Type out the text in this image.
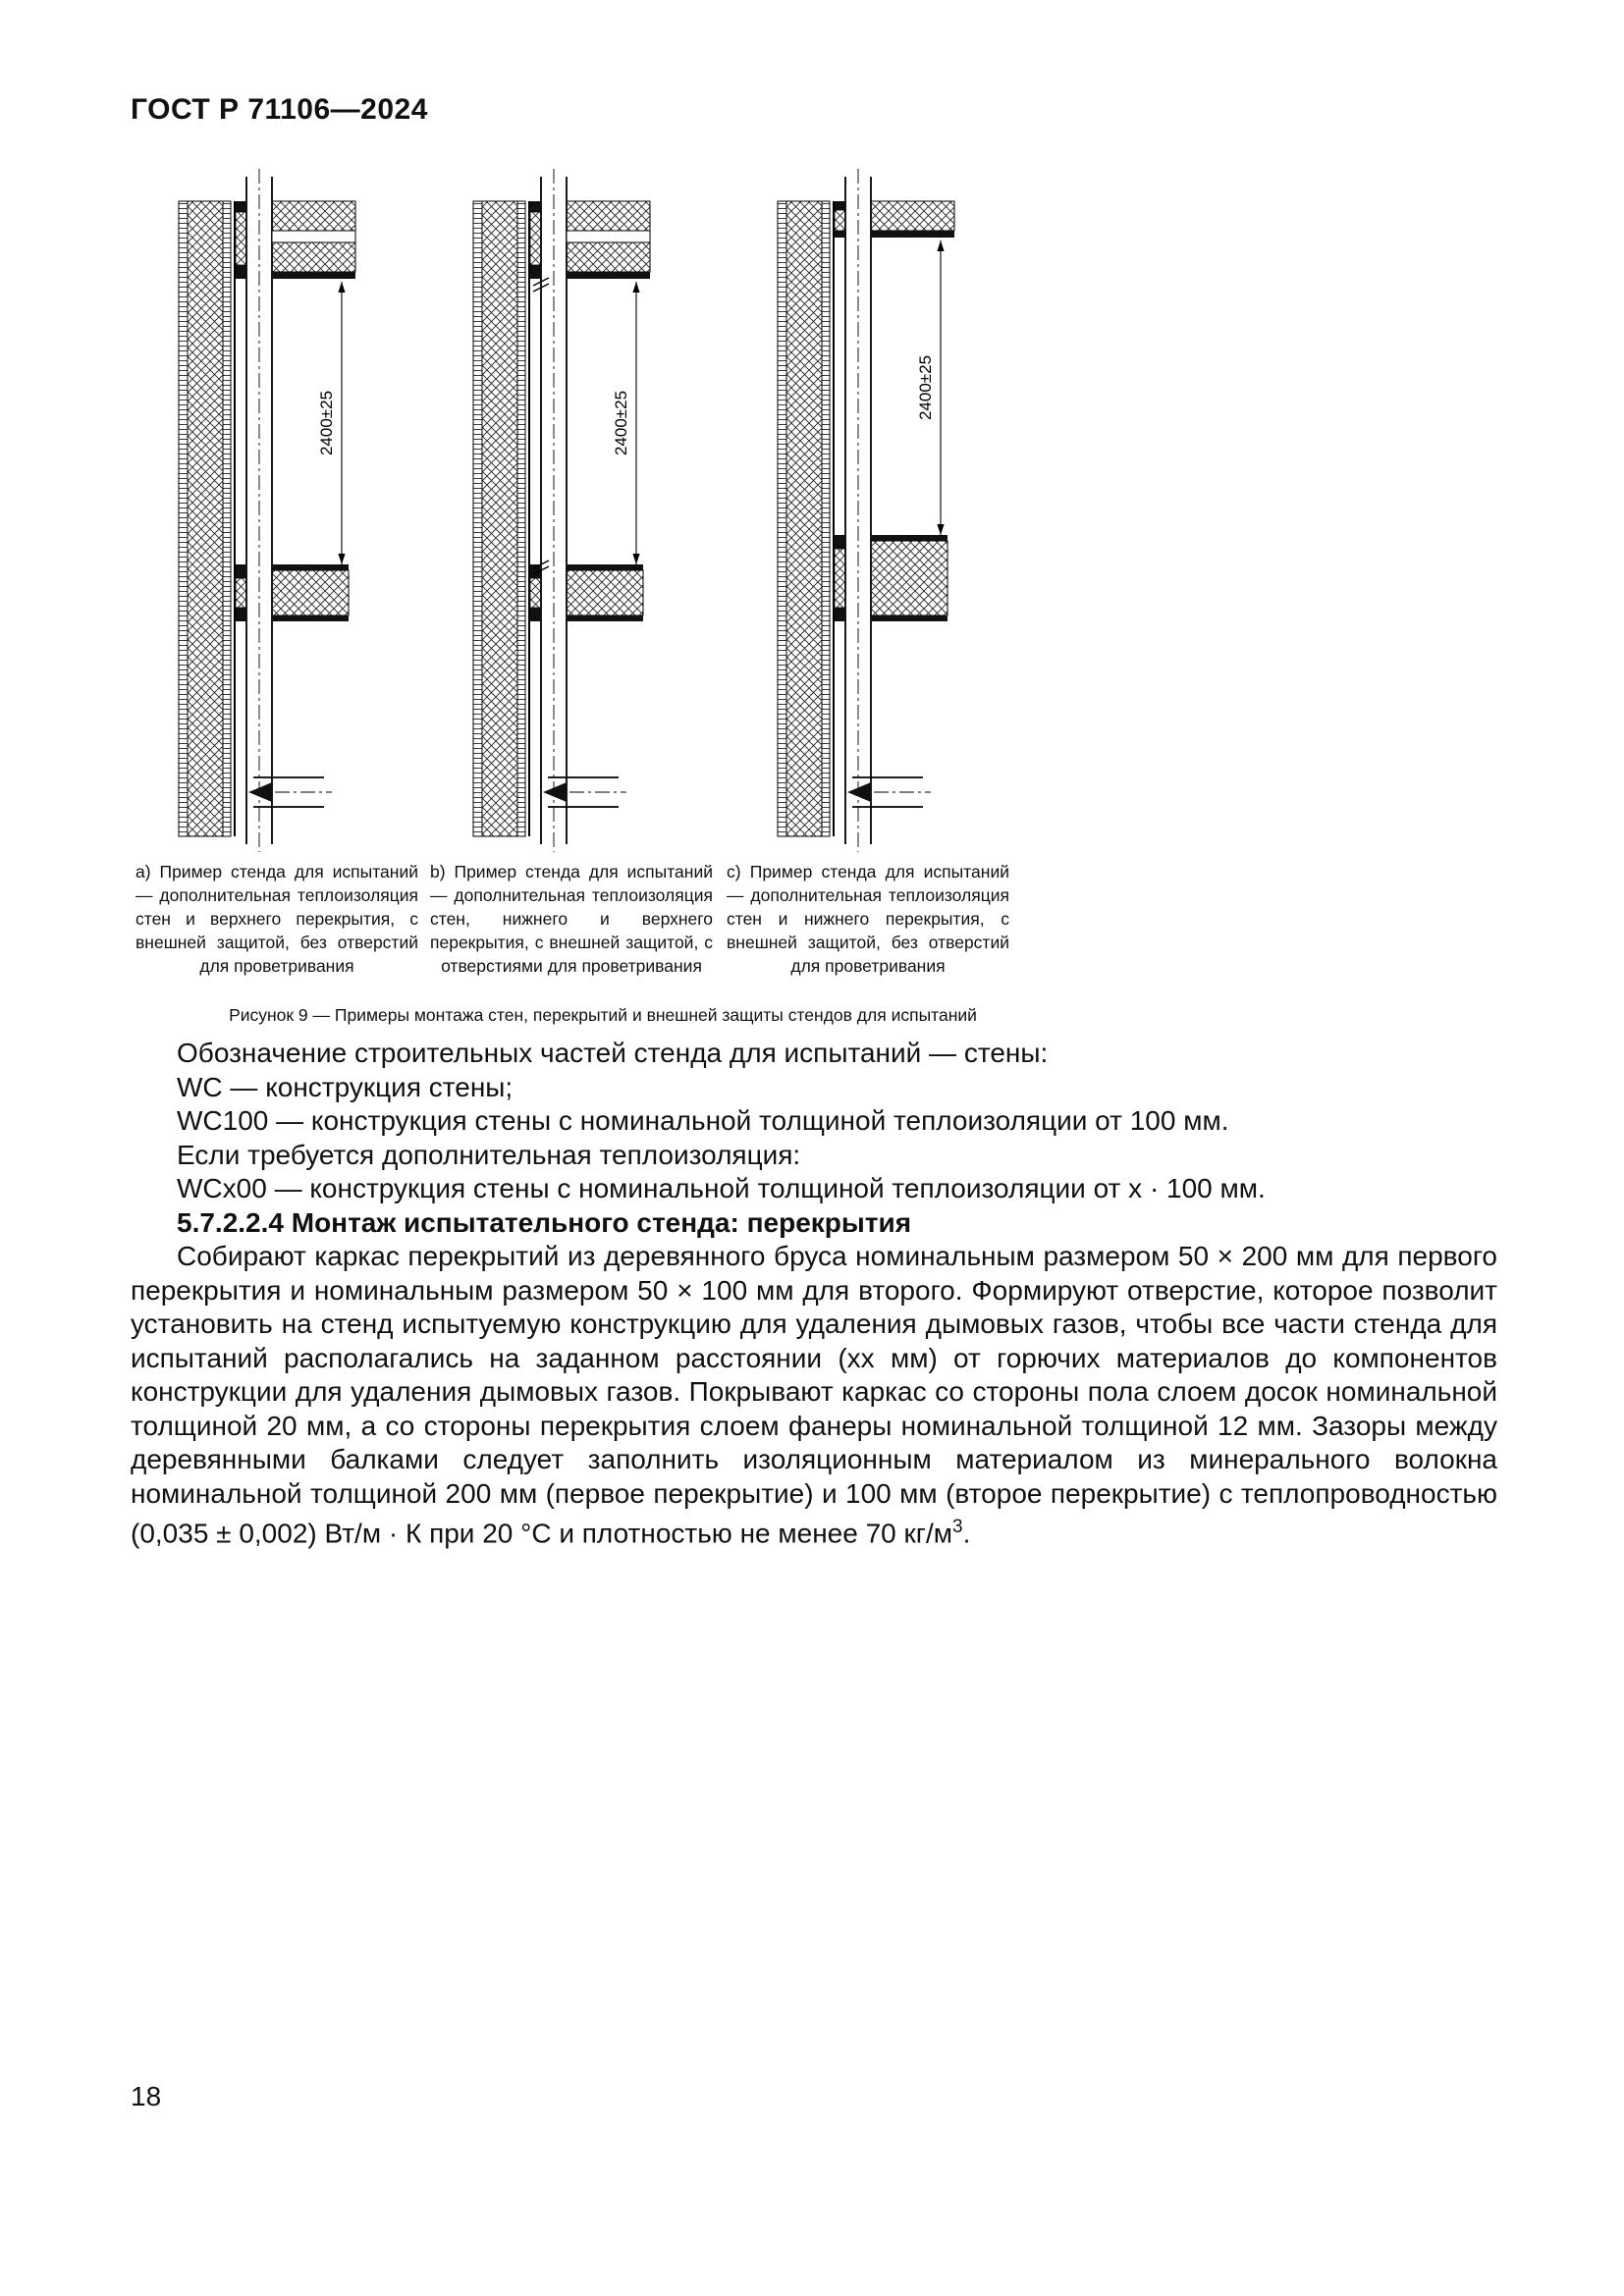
ГОСТ Р 71106—2024
2400±25	2400±25
2400±25
a) Пример стенда для испытаний — дополнительная теплоизоляция стен и верхнего перекрытия, с внешней защитой, без отверстий для проветривания
b) Пример стенда для испытаний — дополнительная теплоизоляция стен, нижнего и верхнего перекрытия, с внешней защитой, с отверстиями для проветривания
c) Пример стенда для испытаний — дополнительная теплоизоляция стен и нижнего перекрытия, с внешней защитой, без отверстий для проветривания
Рисунок 9 — Примеры монтажа стен, перекрытий и внешней защиты стендов для испытаний

Обозначение строительных частей стенда для испытаний — стены:

WC — конструкция стены;

WC100 — конструкция стены с номинальной толщиной теплоизоляции от 100 мм.

Если требуется дополнительная теплоизоляция:

WCx00 — конструкция стены с номинальной толщиной теплоизоляции от x · 100 мм.

5.7.2.2.4 Монтаж испытательного стенда: перекрытия

Собирают каркас перекрытий из деревянного бруса номинальным размером 50 × 200 мм для первого перекрытия и номинальным размером 50 × 100 мм для второго. Формируют отверстие, которое позволит установить на стенд испытуемую конструкцию для удаления дымовых газов, чтобы все части стенда для испытаний располагались на заданном расстоянии (хх мм) от горючих материалов до компонентов конструкции для удаления дымовых газов. Покрывают каркас со стороны пола слоем досок номинальной толщиной 20 мм, а со стороны перекрытия слоем фанеры номинальной толщиной 12 мм. Зазоры между деревянными балками следует заполнить изоляционным материалом из минерального волокна номинальной толщиной 200 мм (первое перекрытие) и 100 мм (второе перекрытие) с теплопроводностью (0,035 ± 0,002) Вт/м · К при 20 °С и плотностью не менее 70 $кг/м^3$.

18
